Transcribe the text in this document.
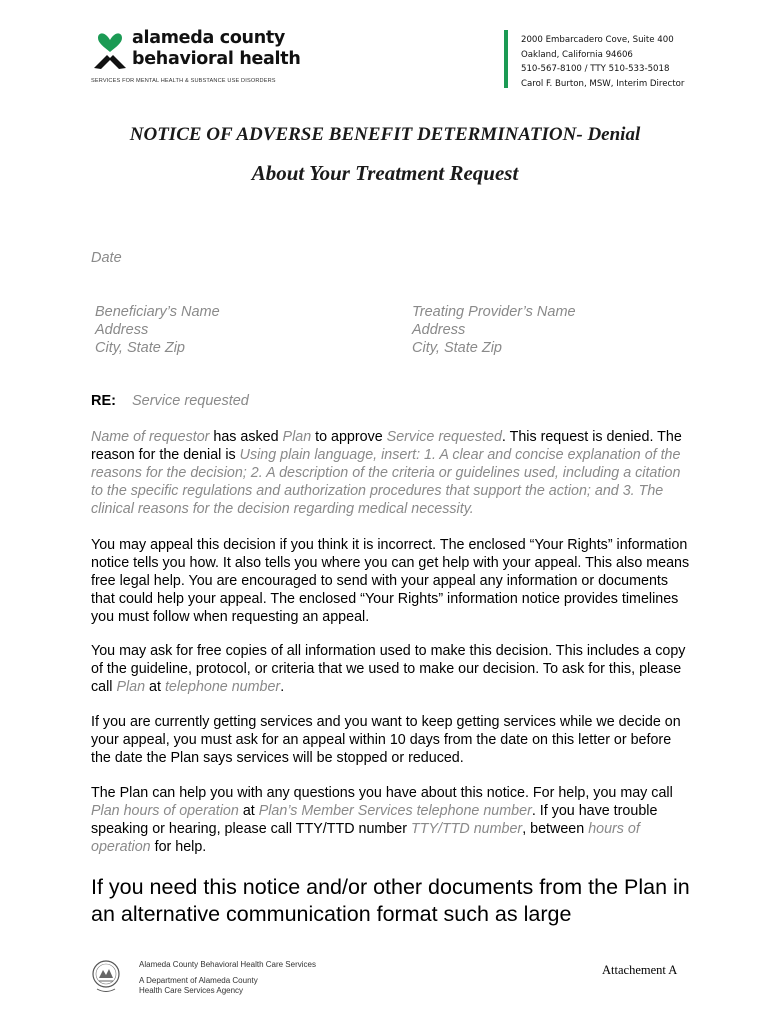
alameda county
behavioral health
SERVICES FOR MENTAL HEALTH & SUBSTANCE USE DISORDERS
2000 Embarcadero Cove, Suite 400
Oakland, California 94606
510-567-8100 / TTY 510-533-5018
Carol F. Burton, MSW, Interim Director
NOTICE OF ADVERSE BENEFIT DETERMINATION- Denial
About Your Treatment Request
Date
Beneficiary’s Name
Address
City, State Zip
Treating Provider’s Name
Address
City, State Zip
RE: Service requested
Name of requestor has asked Plan to approve Service requested. This request is denied. The reason for the denial is Using plain language, insert: 1. A clear and concise explanation of the reasons for the decision; 2. A description of the criteria or guidelines used, including a citation to the specific regulations and authorization procedures that support the action; and 3. The clinical reasons for the decision regarding medical necessity.
You may appeal this decision if you think it is incorrect. The enclosed “Your Rights” information notice tells you how. It also tells you where you can get help with your appeal. This also means free legal help. You are encouraged to send with your appeal any information or documents that could help your appeal. The enclosed “Your Rights” information notice provides timelines you must follow when requesting an appeal.
You may ask for free copies of all information used to make this decision. This includes a copy of the guideline, protocol, or criteria that we used to make our decision. To ask for this, please call Plan at telephone number.
If you are currently getting services and you want to keep getting services while we decide on your appeal, you must ask for an appeal within 10 days from the date on this letter or before the date the Plan says services will be stopped or reduced.
The Plan can help you with any questions you have about this notice. For help, you may call Plan hours of operation at Plan’s Member Services telephone number. If you have trouble speaking or hearing, please call TTY/TTD number TTY/TTD number, between hours of operation for help.
If you need this notice and/or other documents from the Plan in an alternative communication format such as large
Alameda County Behavioral Health Care Services
A Department of Alameda County
Health Care Services Agency
Attachement A
